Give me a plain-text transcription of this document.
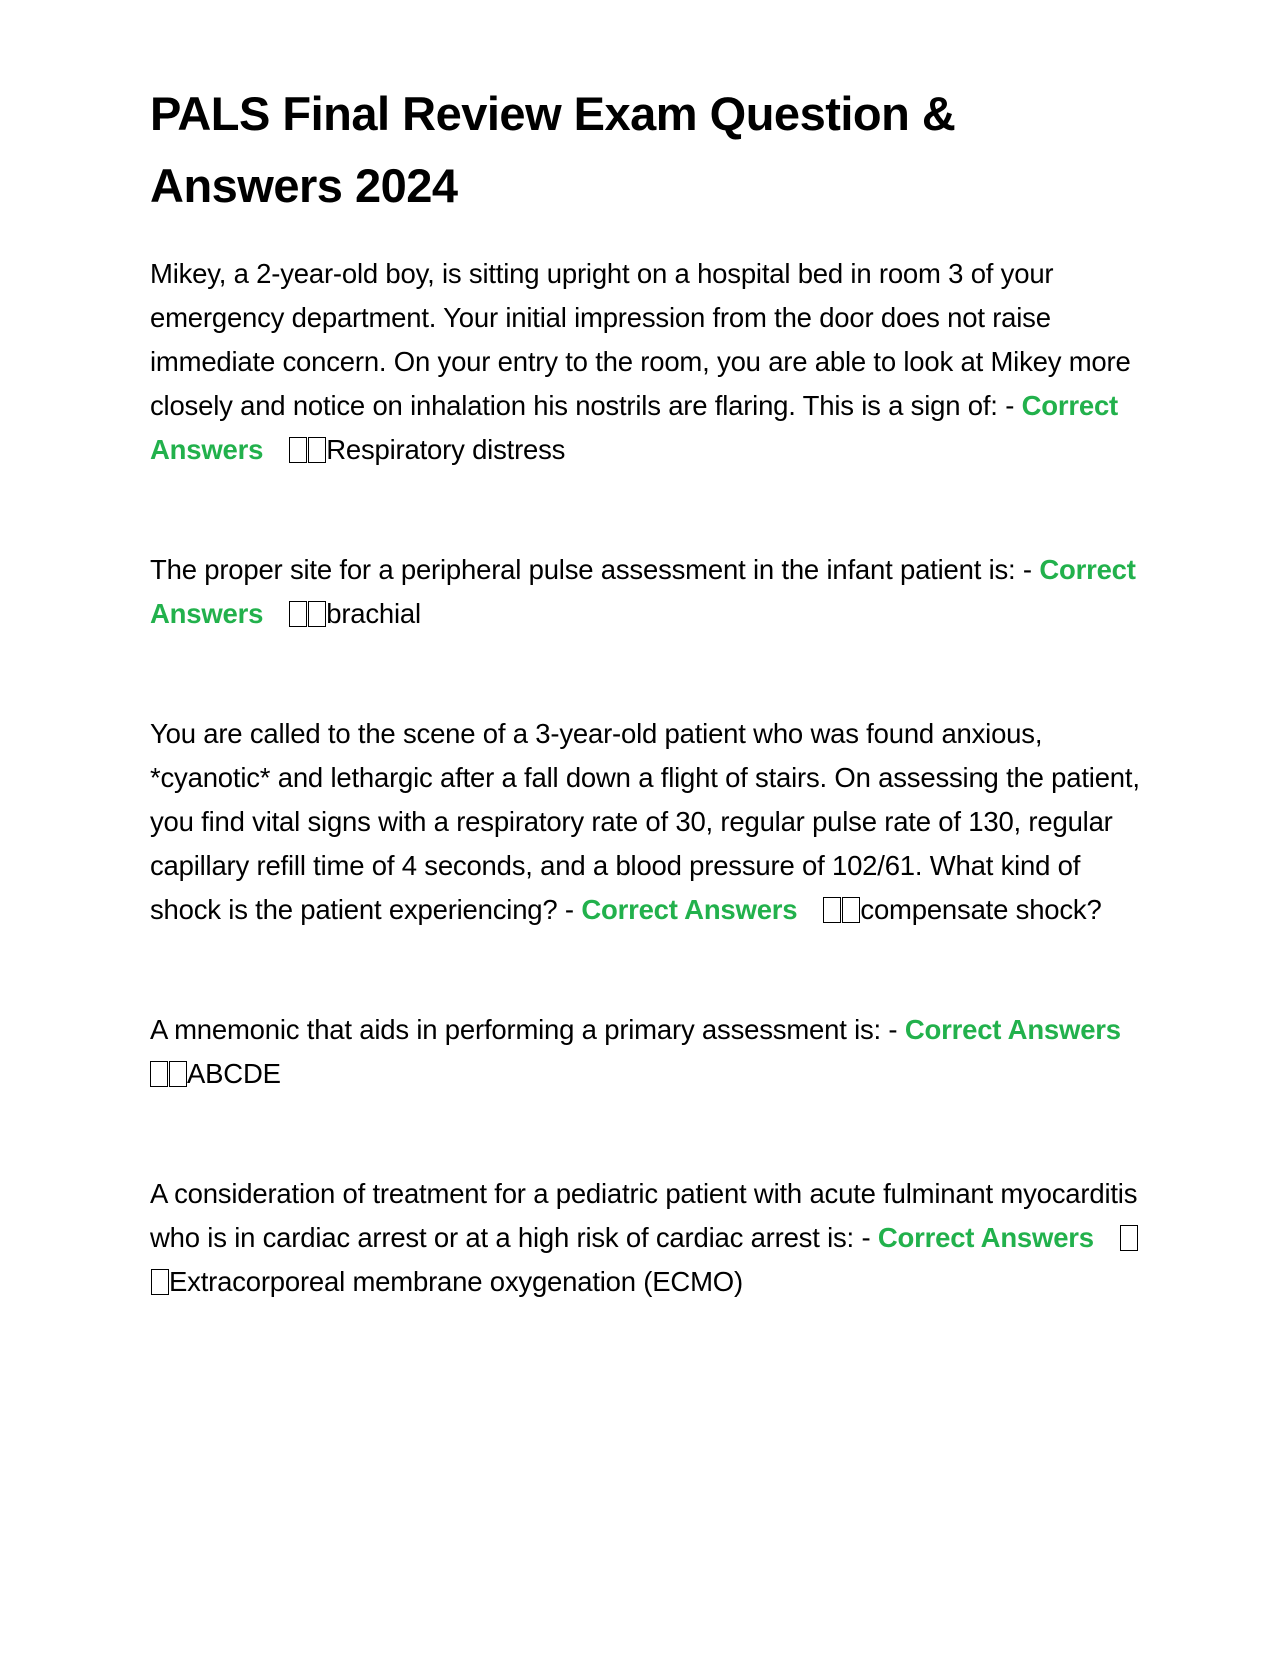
PALS Final Review Exam Question & Answers 2024

Mikey, a 2-year-old boy, is sitting upright on a hospital bed in room 3 of your emergency department. Your initial impression from the door does not raise immediate concern. On your entry to the room, you are able to look at Mikey more closely and notice on inhalation his nostrils are flaring. This is a sign of: - Correct Answers Respiratory distress

The proper site for a peripheral pulse assessment in the infant patient is: - Correct Answers brachial

You are called to the scene of a 3-year-old patient who was found anxious, *cyanotic* and lethargic after a fall down a flight of stairs. On assessing the patient, you find vital signs with a respiratory rate of 30, regular pulse rate of 130, regular capillary refill time of 4 seconds, and a blood pressure of 102/61. What kind of shock is the patient experiencing? - Correct Answers compensate shock?

A mnemonic that aids in performing a primary assessment is: - Correct AnswersABCDE

A consideration of treatment for a pediatric patient with acute fulminant myocarditis who is in cardiac arrest or at a high risk of cardiac arrest is: - Correct AnswersExtracorporeal membrane oxygenation (ECMO)
